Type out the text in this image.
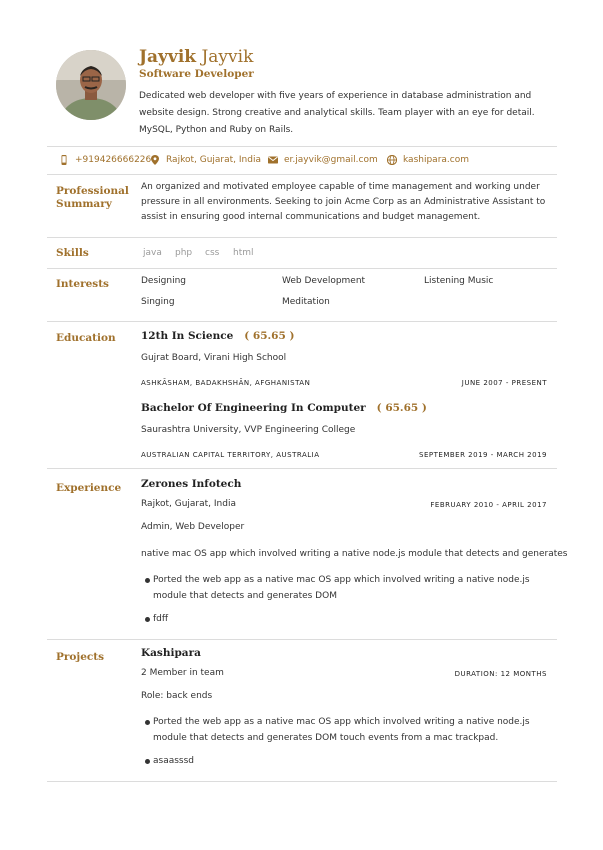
Jayvik Jayvik
Software Developer
Dedicated web developer with five years of experience in database administration and website design. Strong creative and analytical skills. Team player with an eye for detail. MySQL, Python and Ruby on Rails.
+919426666226 Rajkot, Gujarat, India	er.jayvik@gmail.com	kashipara.com
Professional Summary
An organized and motivated employee capable of time management and working under pressure in all environments. Seeking to join Acme Corp as an Administrative Assistant to assist in ensuring good internal communications and budget management.
Skills	java php css html
Interests	Designing	Web Development	Listening Music
Singing	Meditation
Education	12th In Science   ( 65.65 )
Gujrat Board, Virani High School
ASHKĀSHAM, BADAKHSHĀN, AFGHANISTAN	JUNE 2007 - PRESENT
Bachelor Of Engineering In Computer   ( 65.65 )
Saurashtra University, VVP Engineering College
AUSTRALIAN CAPITAL TERRITORY, AUSTRALIA	SEPTEMBER 2019 - MARCH 2019
Experience	Zerones Infotech
Rajkot, Gujarat, India	FEBRUARY 2010 - APRIL 2017
Admin, Web Developer
native mac OS app which involved writing a native node.js module that detects and generates
Ported the web app as a native mac OS app which involved writing a native node.js module that detects and generates DOM
fdff
Projects	Kashipara
2 Member in team	DURATION: 12 MONTHS
Role: back ends
Ported the web app as a native mac OS app which involved writing a native node.js module that detects and generates DOM touch events from a mac trackpad.
asaasssd
